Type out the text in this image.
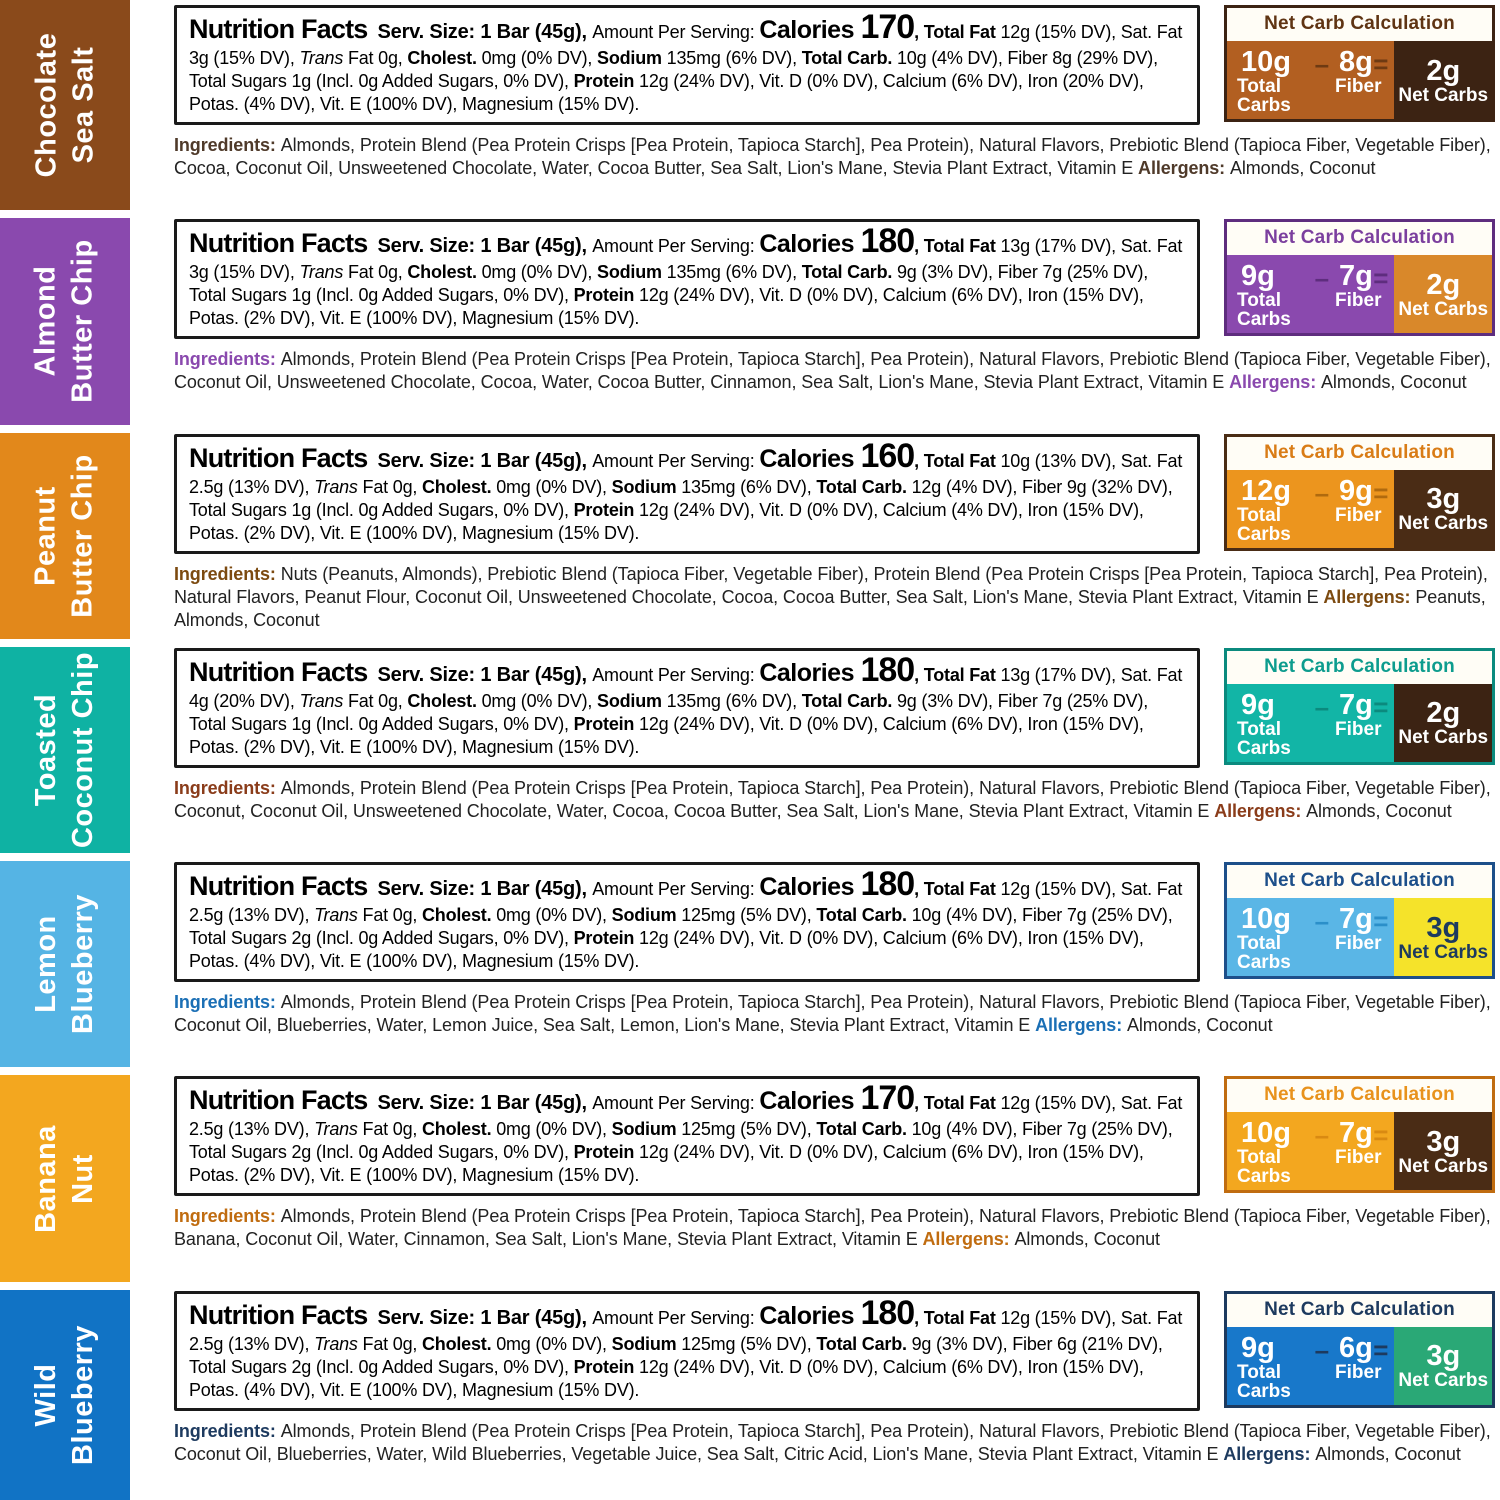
Chocolate Sea Salt
Nutrition Facts Serv. Size: 1 Bar (45g), Amount Per Serving: Calories 170, Total Fat 12g (15% DV), Sat. Fat 3g (15% DV), Trans Fat 0g, Cholest. 0mg (0% DV), Sodium 135mg (6% DV), Total Carb. 10g (4% DV), Fiber 8g (29% DV), Total Sugars 1g (Incl. 0g Added Sugars, 0% DV), Protein 12g (24% DV), Vit. D (0% DV), Calcium (6% DV), Iron (20% DV), Potas. (4% DV), Vit. E (100% DV), Magnesium (15% DV).
Net Carb Calculation
10g
Total Carbs
– 8g
Fiber
= 2g
Net Carbs

Ingredients: Almonds, Protein Blend (Pea Protein Crisps [Pea Protein, Tapioca Starch], Pea Protein), Natural Flavors, Prebiotic Blend (Tapioca Fiber, Vegetable Fiber), Cocoa, Coconut Oil, Unsweetened Chocolate, Water, Cocoa Butter, Sea Salt, Lion's Mane, Stevia Plant Extract, Vitamin E Allergens: Almonds, Coconut

Almond Butter Chip	Nutrition Facts Serv. Size: 1 Bar (45g), Amount Per Serving: Calories 180, Total Fat 13g (17% DV), Sat. Fat 3g (15% DV), Trans Fat 0g, Cholest. 0mg (0% DV), Sodium 135mg (6% DV), Total Carb. 9g (3% DV), Fiber 7g (25% DV), Total Sugars 1g (Incl. 0g Added Sugars, 0% DV), Protein 12g (24% DV), Vit. D (0% DV), Calcium (6% DV), Iron (15% DV), Potas. (2% DV), Vit. E (100% DV), Magnesium (15% DV).
Net Carb Calculation
9g
Total Carbs
– 7g
Fiber
= 2g
Net Carbs

Ingredients: Almonds, Protein Blend (Pea Protein Crisps [Pea Protein, Tapioca Starch], Pea Protein), Natural Flavors, Prebiotic Blend (Tapioca Fiber, Vegetable Fiber), Coconut Oil, Unsweetened Chocolate, Cocoa, Water, Cocoa Butter, Cinnamon, Sea Salt, Lion's Mane, Stevia Plant Extract, Vitamin E Allergens: Almonds, Coconut

Peanut Butter Chip	Nutrition Facts Serv. Size: 1 Bar (45g), Amount Per Serving: Calories 160, Total Fat 10g (13% DV), Sat. Fat 2.5g (13% DV), Trans Fat 0g, Cholest. 0mg (0% DV), Sodium 135mg (6% DV), Total Carb. 12g (4% DV), Fiber 9g (32% DV), Total Sugars 1g (Incl. 0g Added Sugars, 0% DV), Protein 12g (24% DV), Vit. D (0% DV), Calcium (4% DV), Iron (15% DV), Potas. (2% DV), Vit. E (100% DV), Magnesium (15% DV).
Net Carb Calculation
12g
Total Carbs
– 9g
Fiber
= 3g
Net Carbs

Ingredients: Nuts (Peanuts, Almonds), Prebiotic Blend (Tapioca Fiber, Vegetable Fiber), Protein Blend (Pea Protein Crisps [Pea Protein, Tapioca Starch], Pea Protein), Natural Flavors, Peanut Flour, Coconut Oil, Unsweetened Chocolate, Cocoa, Cocoa Butter, Sea Salt, Lion's Mane, Stevia Plant Extract, Vitamin E Allergens: Peanuts, Almonds, Coconut

Toasted Coconut Chip	Nutrition Facts Serv. Size: 1 Bar (45g), Amount Per Serving: Calories 180, Total Fat 13g (17% DV), Sat. Fat 4g (20% DV), Trans Fat 0g, Cholest. 0mg (0% DV), Sodium 135mg (6% DV), Total Carb. 9g (3% DV), Fiber 7g (25% DV), Total Sugars 1g (Incl. 0g Added Sugars, 0% DV), Protein 12g (24% DV), Vit. D (0% DV), Calcium (6% DV), Iron (15% DV), Potas. (2% DV), Vit. E (100% DV), Magnesium (15% DV).
Net Carb Calculation
9g
Total Carbs
– 7g
Fiber
= 2g
Net Carbs

Ingredients: Almonds, Protein Blend (Pea Protein Crisps [Pea Protein, Tapioca Starch], Pea Protein), Natural Flavors, Prebiotic Blend (Tapioca Fiber, Vegetable Fiber), Coconut, Coconut Oil, Unsweetened Chocolate, Water, Cocoa, Cocoa Butter, Sea Salt, Lion's Mane, Stevia Plant Extract, Vitamin E Allergens: Almonds, Coconut

Lemon Blueberry
Nutrition Facts Serv. Size: 1 Bar (45g), Amount Per Serving: Calories 180, Total Fat 12g (15% DV), Sat. Fat 2.5g (13% DV), Trans Fat 0g, Cholest. 0mg (0% DV), Sodium 125mg (5% DV), Total Carb. 10g (4% DV), Fiber 7g (25% DV), Total Sugars 2g (Incl. 0g Added Sugars, 0% DV), Protein 12g (24% DV), Vit. D (0% DV), Calcium (6% DV), Iron (15% DV), Potas. (4% DV), Vit. E (100% DV), Magnesium (15% DV).
Net Carb Calculation
10g
Total Carbs
– 7g
Fiber
= 3g
Net Carbs

Ingredients: Almonds, Protein Blend (Pea Protein Crisps [Pea Protein, Tapioca Starch], Pea Protein), Natural Flavors, Prebiotic Blend (Tapioca Fiber, Vegetable Fiber), Coconut Oil, Blueberries, Water, Lemon Juice, Sea Salt, Lemon, Lion's Mane, Stevia Plant Extract, Vitamin E Allergens: Almonds, Coconut

Banana Nut
Nutrition Facts Serv. Size: 1 Bar (45g), Amount Per Serving: Calories 170, Total Fat 12g (15% DV), Sat. Fat 2.5g (13% DV), Trans Fat 0g, Cholest. 0mg (0% DV), Sodium 125mg (5% DV), Total Carb. 10g (4% DV), Fiber 7g (25% DV), Total Sugars 2g (Incl. 0g Added Sugars, 0% DV), Protein 12g (24% DV), Vit. D (0% DV), Calcium (6% DV), Iron (15% DV), Potas. (2% DV), Vit. E (100% DV), Magnesium (15% DV).
Net Carb Calculation
10g
Total Carbs
– 7g
Fiber
= 3g
Net Carbs

Ingredients: Almonds, Protein Blend (Pea Protein Crisps [Pea Protein, Tapioca Starch], Pea Protein), Natural Flavors, Prebiotic Blend (Tapioca Fiber, Vegetable Fiber), Banana, Coconut Oil, Water, Cinnamon, Sea Salt, Lion's Mane, Stevia Plant Extract, Vitamin E Allergens: Almonds, Coconut

Wild Blueberry
Nutrition Facts Serv. Size: 1 Bar (45g), Amount Per Serving: Calories 180, Total Fat 12g (15% DV), Sat. Fat 2.5g (13% DV), Trans Fat 0g, Cholest. 0mg (0% DV), Sodium 125mg (5% DV), Total Carb. 9g (3% DV), Fiber 6g (21% DV), Total Sugars 2g (Incl. 0g Added Sugars, 0% DV), Protein 12g (24% DV), Vit. D (0% DV), Calcium (6% DV), Iron (15% DV), Potas. (4% DV), Vit. E (100% DV), Magnesium (15% DV).
Net Carb Calculation
9g
Total Carbs
– 6g
Fiber
= 3g
Net Carbs

Ingredients: Almonds, Protein Blend (Pea Protein Crisps [Pea Protein, Tapioca Starch], Pea Protein), Natural Flavors, Prebiotic Blend (Tapioca Fiber, Vegetable Fiber), Coconut Oil, Blueberries, Water, Wild Blueberries, Vegetable Juice, Sea Salt, Citric Acid, Lion's Mane, Stevia Plant Extract, Vitamin E Allergens: Almonds, Coconut
